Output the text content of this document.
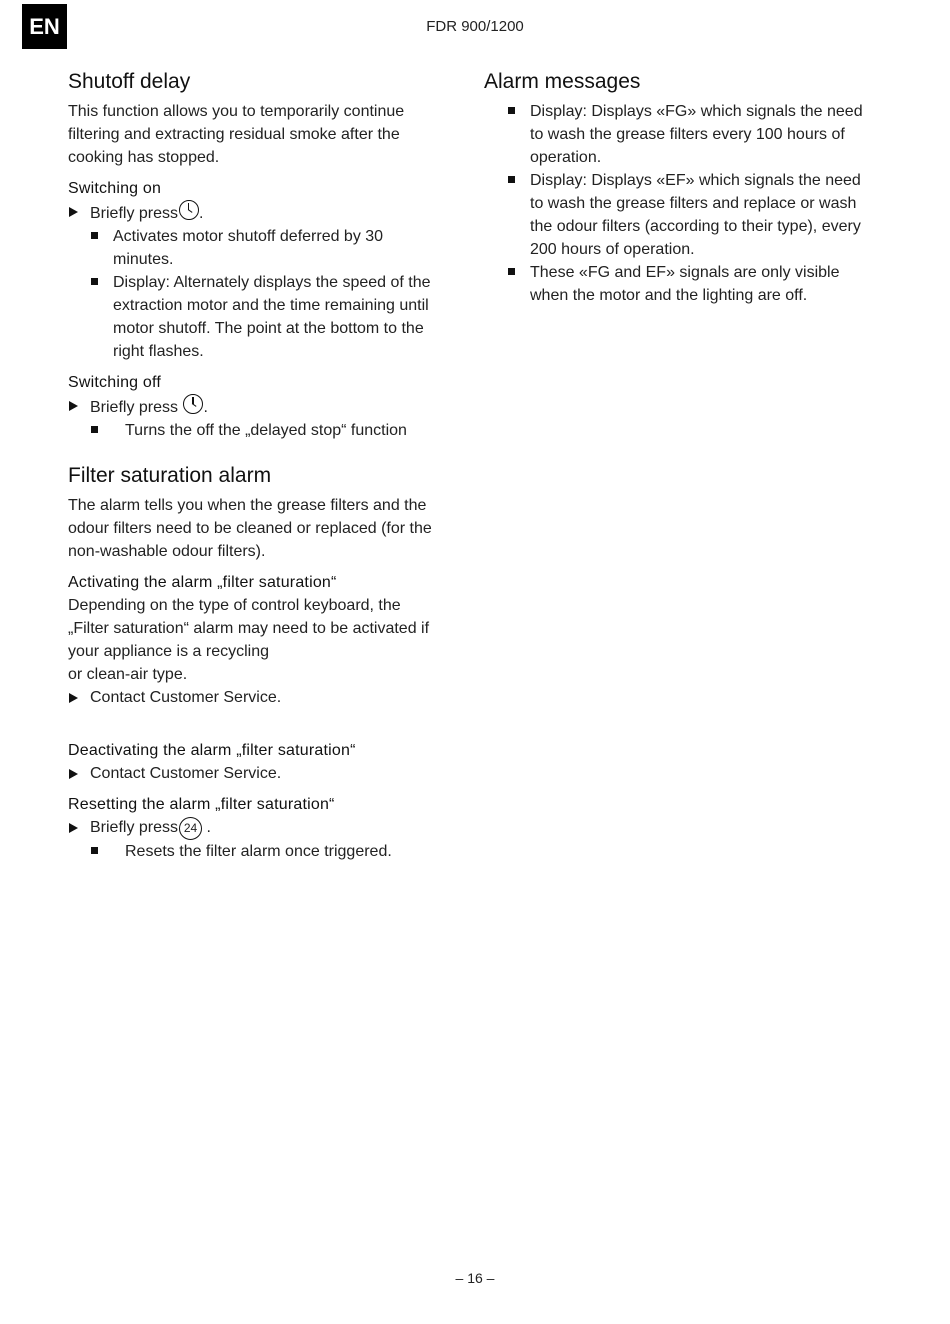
EN	FDR 900/1200
Shutoff delay

This function allows you to temporarily continue
filtering and extracting residual smoke after the
cooking has stopped.

Switching on
Briefly press .
Activates motor shutoff deferred by 30
minutes.
Display: Alternately displays the speed of the
extraction motor and the time remaining until
motor shutoff. The point at the bottom to the
right flashes.
Switching off
Briefly press .
Turns the off the „delayed stop“ function
Filter saturation alarm

The alarm tells you when the grease filters and the
odour filters need to be cleaned or replaced (for the
non-washable odour filters).

Activating the alarm „filter saturation“

Depending on the type of control keyboard, the
„Filter saturation“ alarm may need to be activated if
your appliance is a recycling
or clean-air type.

Contact Customer Service.
Deactivating the alarm „filter saturation“
Contact Customer Service.
Resetting the alarm „filter saturation“
Briefly press 24 .
Resets the filter alarm once triggered.
Alarm messages
Display: Displays «FG» which signals the need
to wash the grease filters every 100 hours of
operation.
Display: Displays «EF» which signals the need
to wash the grease filters and replace or wash
the odour filters (according to their type), every
200 hours of operation.
These «FG and EF» signals are only visible
when the motor and the lighting are off.
– 16 –
